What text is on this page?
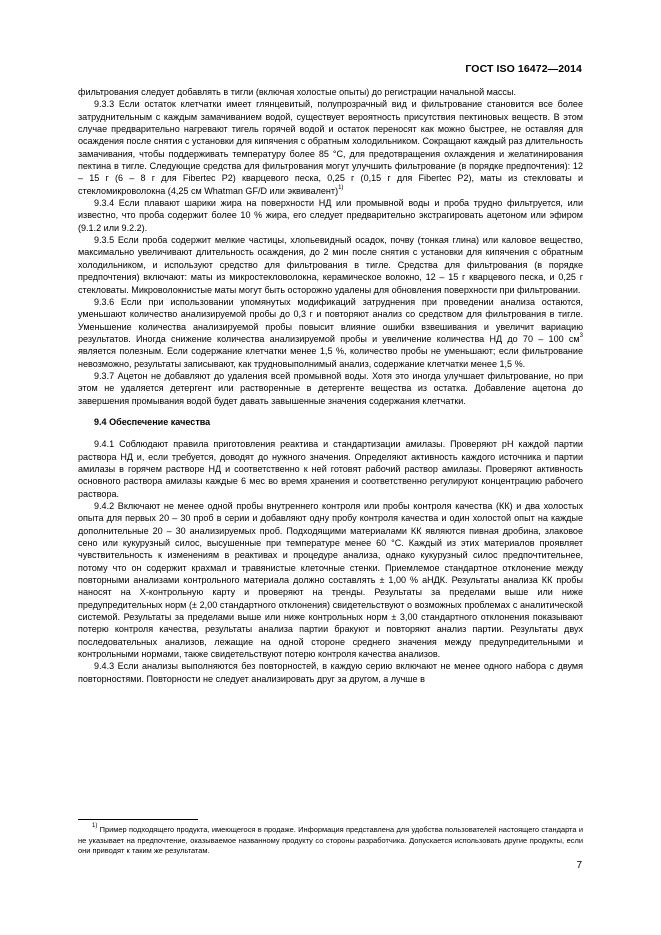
ГОСТ ISO 16472—2014

фильтрования следует добавлять в тигли (включая холостые опыты) до регистрации начальной массы.

9.3.3 Если остаток клетчатки имеет глянцевитый, полупрозрачный вид и фильтрование становится все более затруднительным с каждым замачиванием водой, существует вероятность присутствия пектиновых веществ. В этом случае предварительно нагревают тигель горячей водой и остаток переносят как можно быстрее, не оставляя для осаждения после снятия с установки для кипячения с обратным холодильником. Сокращают каждый раз длительность замачивания, чтобы поддерживать температуру более 85 °С, для предотвращения охлаждения и желатинирования пектина в тигле. Следующие средства для фильтрования могут улучшить фильтрование (в порядке предпочтения): 12 – 15 г (6 – 8 г для Fibertec P2) кварцевого песка, 0,25 г (0,15 г для Fibertec P2), маты из стекловаты и стекломикроволокна (4,25 см Whatman GF/D или эквивалент)$^{1)}$

9.3.4 Если плавают шарики жира на поверхности НД или промывной воды и проба трудно фильтруется, или известно, что проба содержит более 10 % жира, его следует предварительно экстрагировать ацетоном или эфиром (9.1.2 или 9.2.2).

9.3.5 Если проба содержит мелкие частицы, хлопьевидный осадок, почву (тонкая глина) или каловое вещество, максимально увеличивают длительность осаждения, до 2 мин после снятия с установки для кипячения с обратным холодильником, и используют средство для фильтрования в тигле. Средства для фильтрования (в порядке предпочтения) включают: маты из микростекловолокна, керамическое волокно, 12 – 15 г кварцевого песка, и 0,25 г стекловаты. Микроволокнистые маты могут быть осторожно удалены для обновления поверхности при фильтровании.

9.3.6 Если при использовании упомянутых модификаций затруднения при проведении анализа остаются, уменьшают количество анализируемой пробы до 0,3 г и повторяют анализ со средством для фильтрования в тигле. Уменьшение количества анализируемой пробы повысит влияние ошибки взвешивания и увеличит вариацию результатов. Иногда снижение количества анализируемой пробы и увеличение количества НД до 70 – 100 $см^3$ является полезным. Если содержание клетчатки менее 1,5 %, количество пробы не уменьшают; если фильтрование невозможно, результаты записывают, как трудновыполнимый анализ, содержание клетчатки менее 1,5 %.

9.3.7 Ацетон не добавляют до удаления всей промывной воды. Хотя это иногда улучшает фильтрование, но при этом не удаляется детергент или растворенные в детергенте вещества из остатка. Добавление ацетона до завершения промывания водой будет давать завышенные значения содержания клетчатки.

9.4 Обеспечение качества

9.4.1 Соблюдают правила приготовления реактива и стандартизации амилазы. Проверяют pH каждой партии раствора НД и, если требуется, доводят до нужного значения. Определяют активность каждого источника и партии амилазы в горячем растворе НД и соответственно к ней готовят рабочий раствор амилазы. Проверяют активность основного раствора амилазы каждые 6 мес во время хранения и соответственно регулируют концентрацию рабочего раствора.

9.4.2 Включают не менее одной пробы внутреннего контроля или пробы контроля качества (КК) и два холостых опыта для первых 20 – 30 проб в серии и добавляют одну пробу контроля качества и один холостой опыт на каждые дополнительные 20 – 30 анализируемых проб. Подходящими материалами КК являются пивная дробина, злаковое сено или кукурузный силос, высушенные при температуре менее 60 °С. Каждый из этих материалов проявляет чувствительность к изменениям в реактивах и процедуре анализа, однако кукурузный силос предпочтительнее, потому что он содержит крахмал и травянистые клеточные стенки. Приемлемое стандартное отклонение между повторными анализами контрольного материала должно составлять ± 1,00 % аНДК. Результаты анализа КК пробы наносят на Х-контрольную карту и проверяют на тренды. Результаты за пределами выше или ниже предупредительных норм (± 2,00 стандартного отклонения) свидетельствуют о возможных проблемах с аналитической системой. Результаты за пределами выше или ниже контрольных норм ± 3,00 стандартного отклонения показывают потерю контроля качества, результаты анализа партии бракуют и повторяют анализ партии. Результаты двух последовательных анализов, лежащие на одной стороне среднего значения между предупредительными и контрольными нормами, также свидетельствуют потерю контроля качества анализов.

9.4.3 Если анализы выполняются без повторностей, в каждую серию включают не менее одного набора с двумя повторностями. Повторности не следует анализировать друг за другом, а лучше в

$^{1)}$ Пример подходящего продукта, имеющегося в продаже. Информация представлена для удобства пользователей настоящего стандарта и не указывает на предпочтение, оказываемое названному продукту со стороны разработчика. Допускается использовать другие продукты, если они приводят к таким же результатам.
7
